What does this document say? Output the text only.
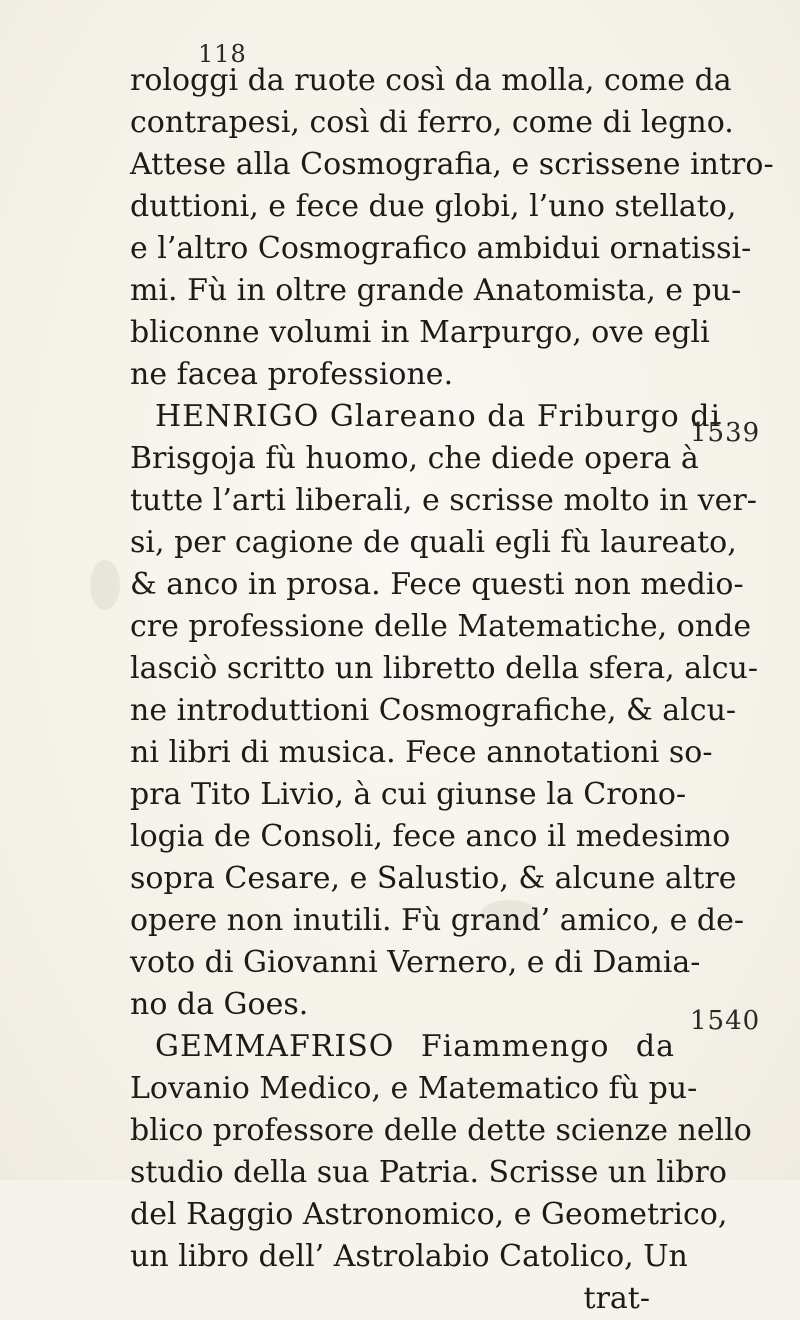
118
rologgi da ruote così da molla, come da
contrapesi, così di ferro, come di legno.
Attese alla Cosmografia, e scrissene intro-
duttioni, e fece due globi, l’uno stellato,
e l’altro Cosmografico ambidui ornatissi-
mi. Fù in oltre grande Anatomista, e pu-
bliconne volumi in Marpurgo, ove egli
ne facea professione.
HENRIGO Glareano da Friburgo di
Brisgoja fù huomo, che diede opera à
tutte l’arti liberali, e scrisse molto in ver-
si, per cagione de quali egli fù laureato,
& anco in prosa. Fece questi non medio-
cre professione delle Matematiche, onde
lasciò scritto un libretto della sfera, alcu-
ne introduttioni Cosmografiche, & alcu-
ni libri di musica. Fece annotationi so-
pra Tito Livio, à cui giunse la Crono-
logia de Consoli, fece anco il medesimo
sopra Cesare, e Salustio, & alcune altre
opere non inutili. Fù grand’ amico, e de-
voto di Giovanni Vernero, e di Damia-
no da Goes.
GEMMAFRISO Fiammengo da
Lovanio Medico, e Matematico fù pu-
blico professore delle dette scienze nello
studio della sua Patria. Scrisse un libro
del Raggio Astronomico, e Geometrico,
un libro dell’ Astrolabio Catolico, Un
trat-
1539
1540
